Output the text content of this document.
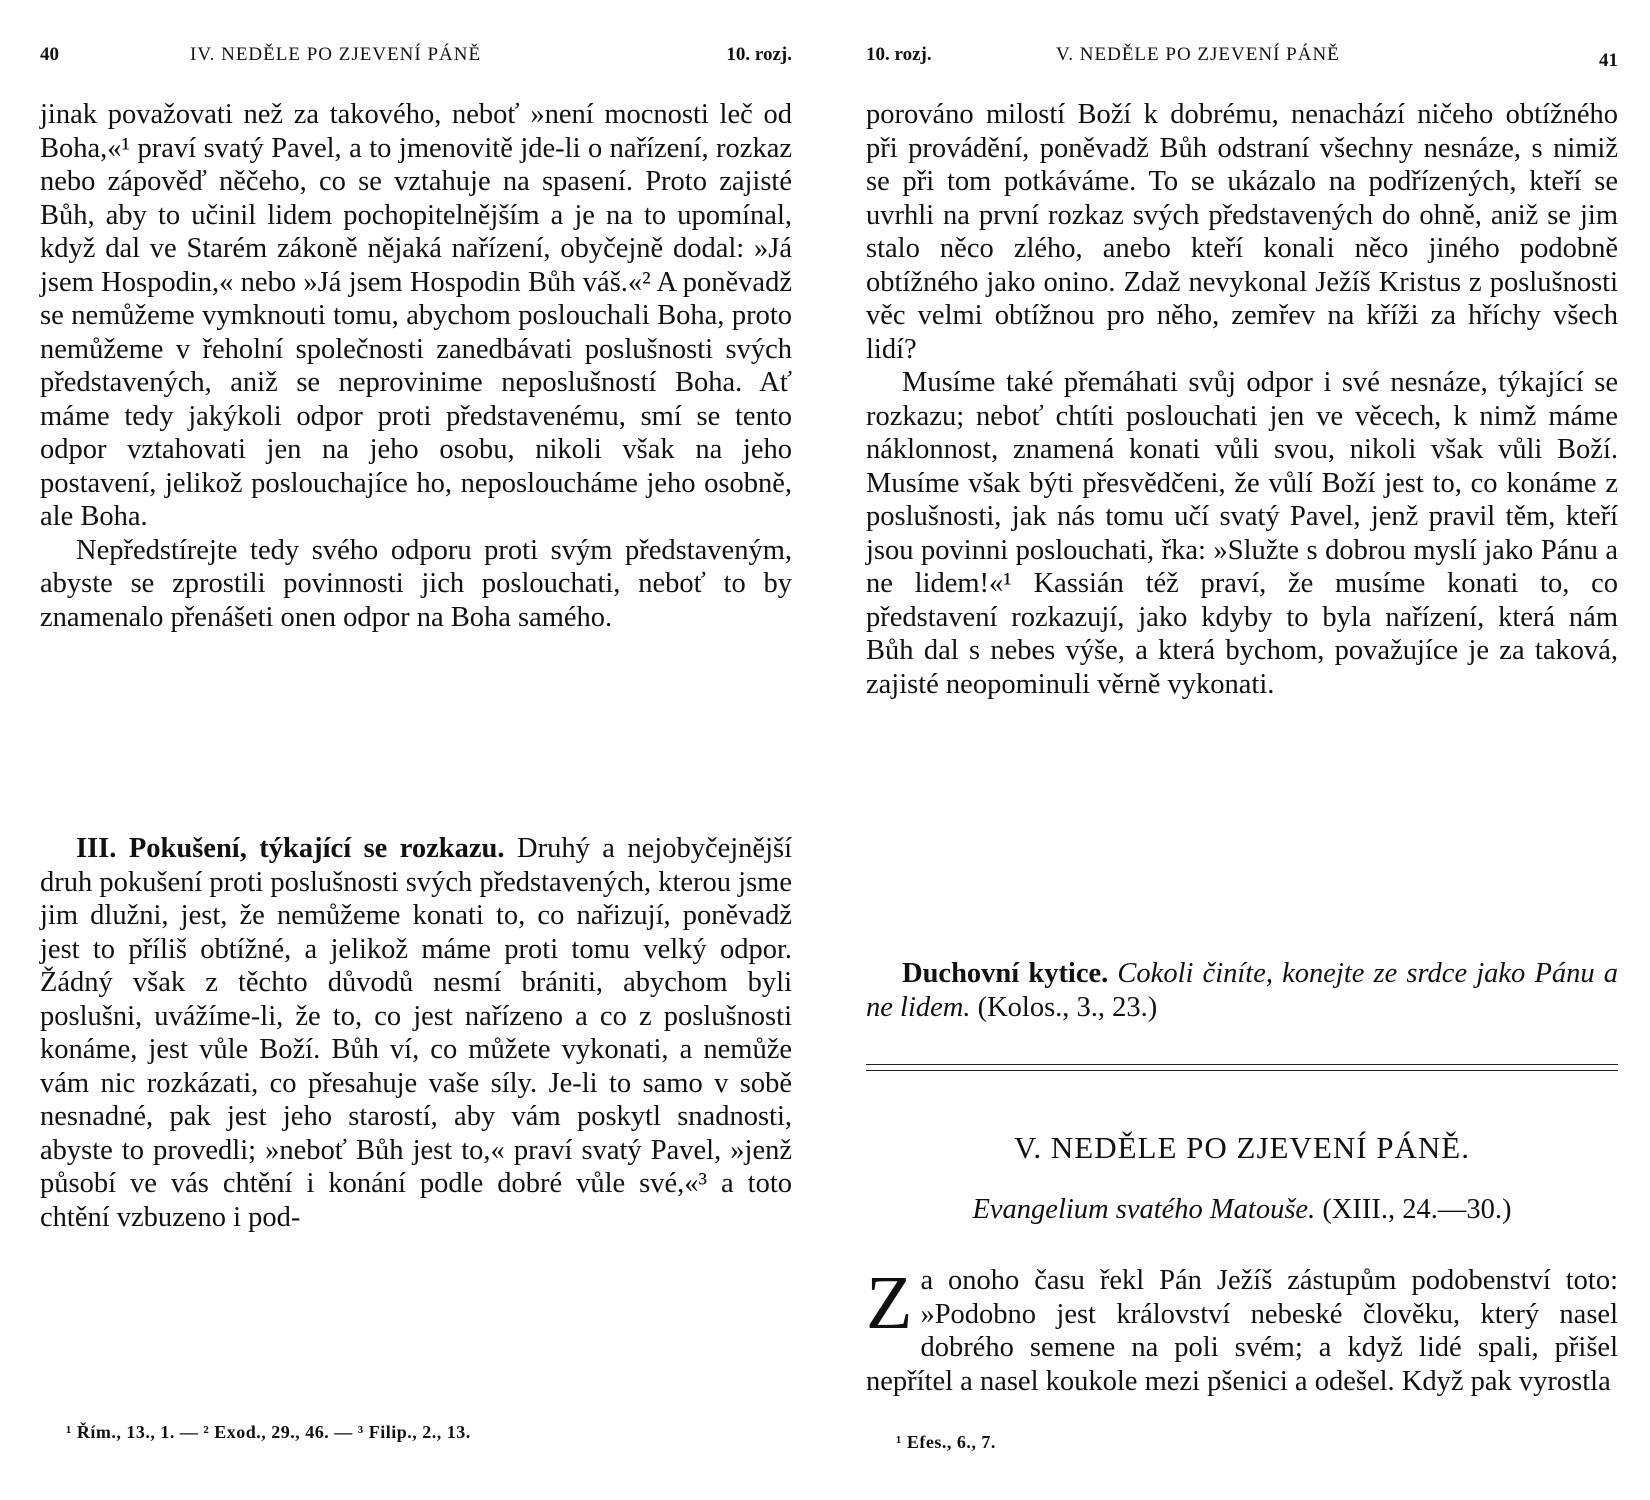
40	IV. NEDĚLE PO ZJEVENÍ PÁNĚ	10. rozj.

jinak považovati než za takového, neboť »není mocnosti leč od Boha,«¹ praví svatý Pavel, a to jmenovitě jde-li o nařízení, rozkaz nebo zápověď něčeho, co se vztahuje na spasení. Proto zajisté Bůh, aby to učinil lidem pochopitelnějším a je na to upomínal, když dal ve Starém zákoně nějaká nařízení, obyčejně dodal: »Já jsem Hospodin,« nebo »Já jsem Hospodin Bůh váš.«² A poněvadž se nemůžeme vymknouti tomu, abychom poslouchali Boha, proto nemůžeme v řeholní společnosti zanedbávati poslušnosti svých představených, aniž se neprovinime neposlušností Boha. Ať máme tedy jakýkoli odpor proti představenému, smí se tento odpor vztahovati jen na jeho osobu, nikoli však na jeho postavení, jelikož poslouchajíce ho, neposloucháme jeho osobně, ale Boha.

Nepředstírejte tedy svého odporu proti svým představeným, abyste se zprostili povinnosti jich poslouchati, neboť to by znamenalo přenášeti onen odpor na Boha samého.

III. Pokušení, týkající se rozkazu. Druhý a nejobyčejnější druh pokušení proti poslušnosti svých představených, kterou jsme jim dlužni, jest, že nemůžeme konati to, co nařizují, poněvadž jest to příliš obtížné, a jelikož máme proti tomu velký odpor. Žádný však z těchto důvodů nesmí brániti, abychom byli poslušni, uvážíme-li, že to, co jest nařízeno a co z poslušnosti konáme, jest vůle Boží. Bůh ví, co můžete vykonati, a nemůže vám nic rozkázati, co přesahuje vaše síly. Je-li to samo v sobě nesnadné, pak jest jeho starostí, aby vám poskytl snadnosti, abyste to provedli; »neboť Bůh jest to,« praví svatý Pavel, »jenž působí ve vás chtění i konání podle dobré vůle své,«³ a toto chtění vzbuzeno i pod-

¹ Řím., 13., 1. — ² Exod., 29., 46. — ³ Filip., 2., 13.
10. rozj.	V. NEDĚLE PO ZJEVENÍ PÁNĚ	41

porováno milostí Boží k dobrému, nenachází ničeho obtížného při provádění, poněvadž Bůh odstraní všechny nesnáze, s nimiž se při tom potkáváme. To se ukázalo na podřízených, kteří se uvrhli na první rozkaz svých představených do ohně, aniž se jim stalo něco zlého, anebo kteří konali něco jiného podobně obtížného jako onino. Zdaž nevykonal Ježíš Kristus z poslušnosti věc velmi obtížnou pro něho, zemřev na kříži za hříchy všech lidí?

Musíme také přemáhati svůj odpor i své nesnáze, týkající se rozkazu; neboť chtíti poslouchati jen ve věcech, k nimž máme náklonnost, znamená konati vůli svou, nikoli však vůli Boží. Musíme však býti přesvědčeni, že vůlí Boží jest to, co konáme z poslušnosti, jak nás tomu učí svatý Pavel, jenž pravil těm, kteří jsou povinni poslouchati, řka: »Služte s dobrou myslí jako Pánu a ne lidem!«¹ Kassián též praví, že musíme konati to, co představení rozkazují, jako kdyby to byla nařízení, která nám Bůh dal s nebes výše, a která bychom, považujíce je za taková, zajisté neopominuli věrně vykonati.

Duchovní kytice. Cokoli činíte, konejte ze srdce jako Pánu a ne lidem. (Kolos., 3., 23.)

V. NEDĚLE PO ZJEVENÍ PÁNĚ.
Evangelium svatého Matouše. (XIII., 24.—30.)

Za onoho času řekl Pán Ježíš zástupům podobenství toto: »Podobno jest království nebeské člověku, který nasel dobrého semene na poli svém; a když lidé spali, přišel nepřítel a nasel koukole mezi pšenici a odešel. Když pak vyrostla

¹ Efes., 6., 7.
